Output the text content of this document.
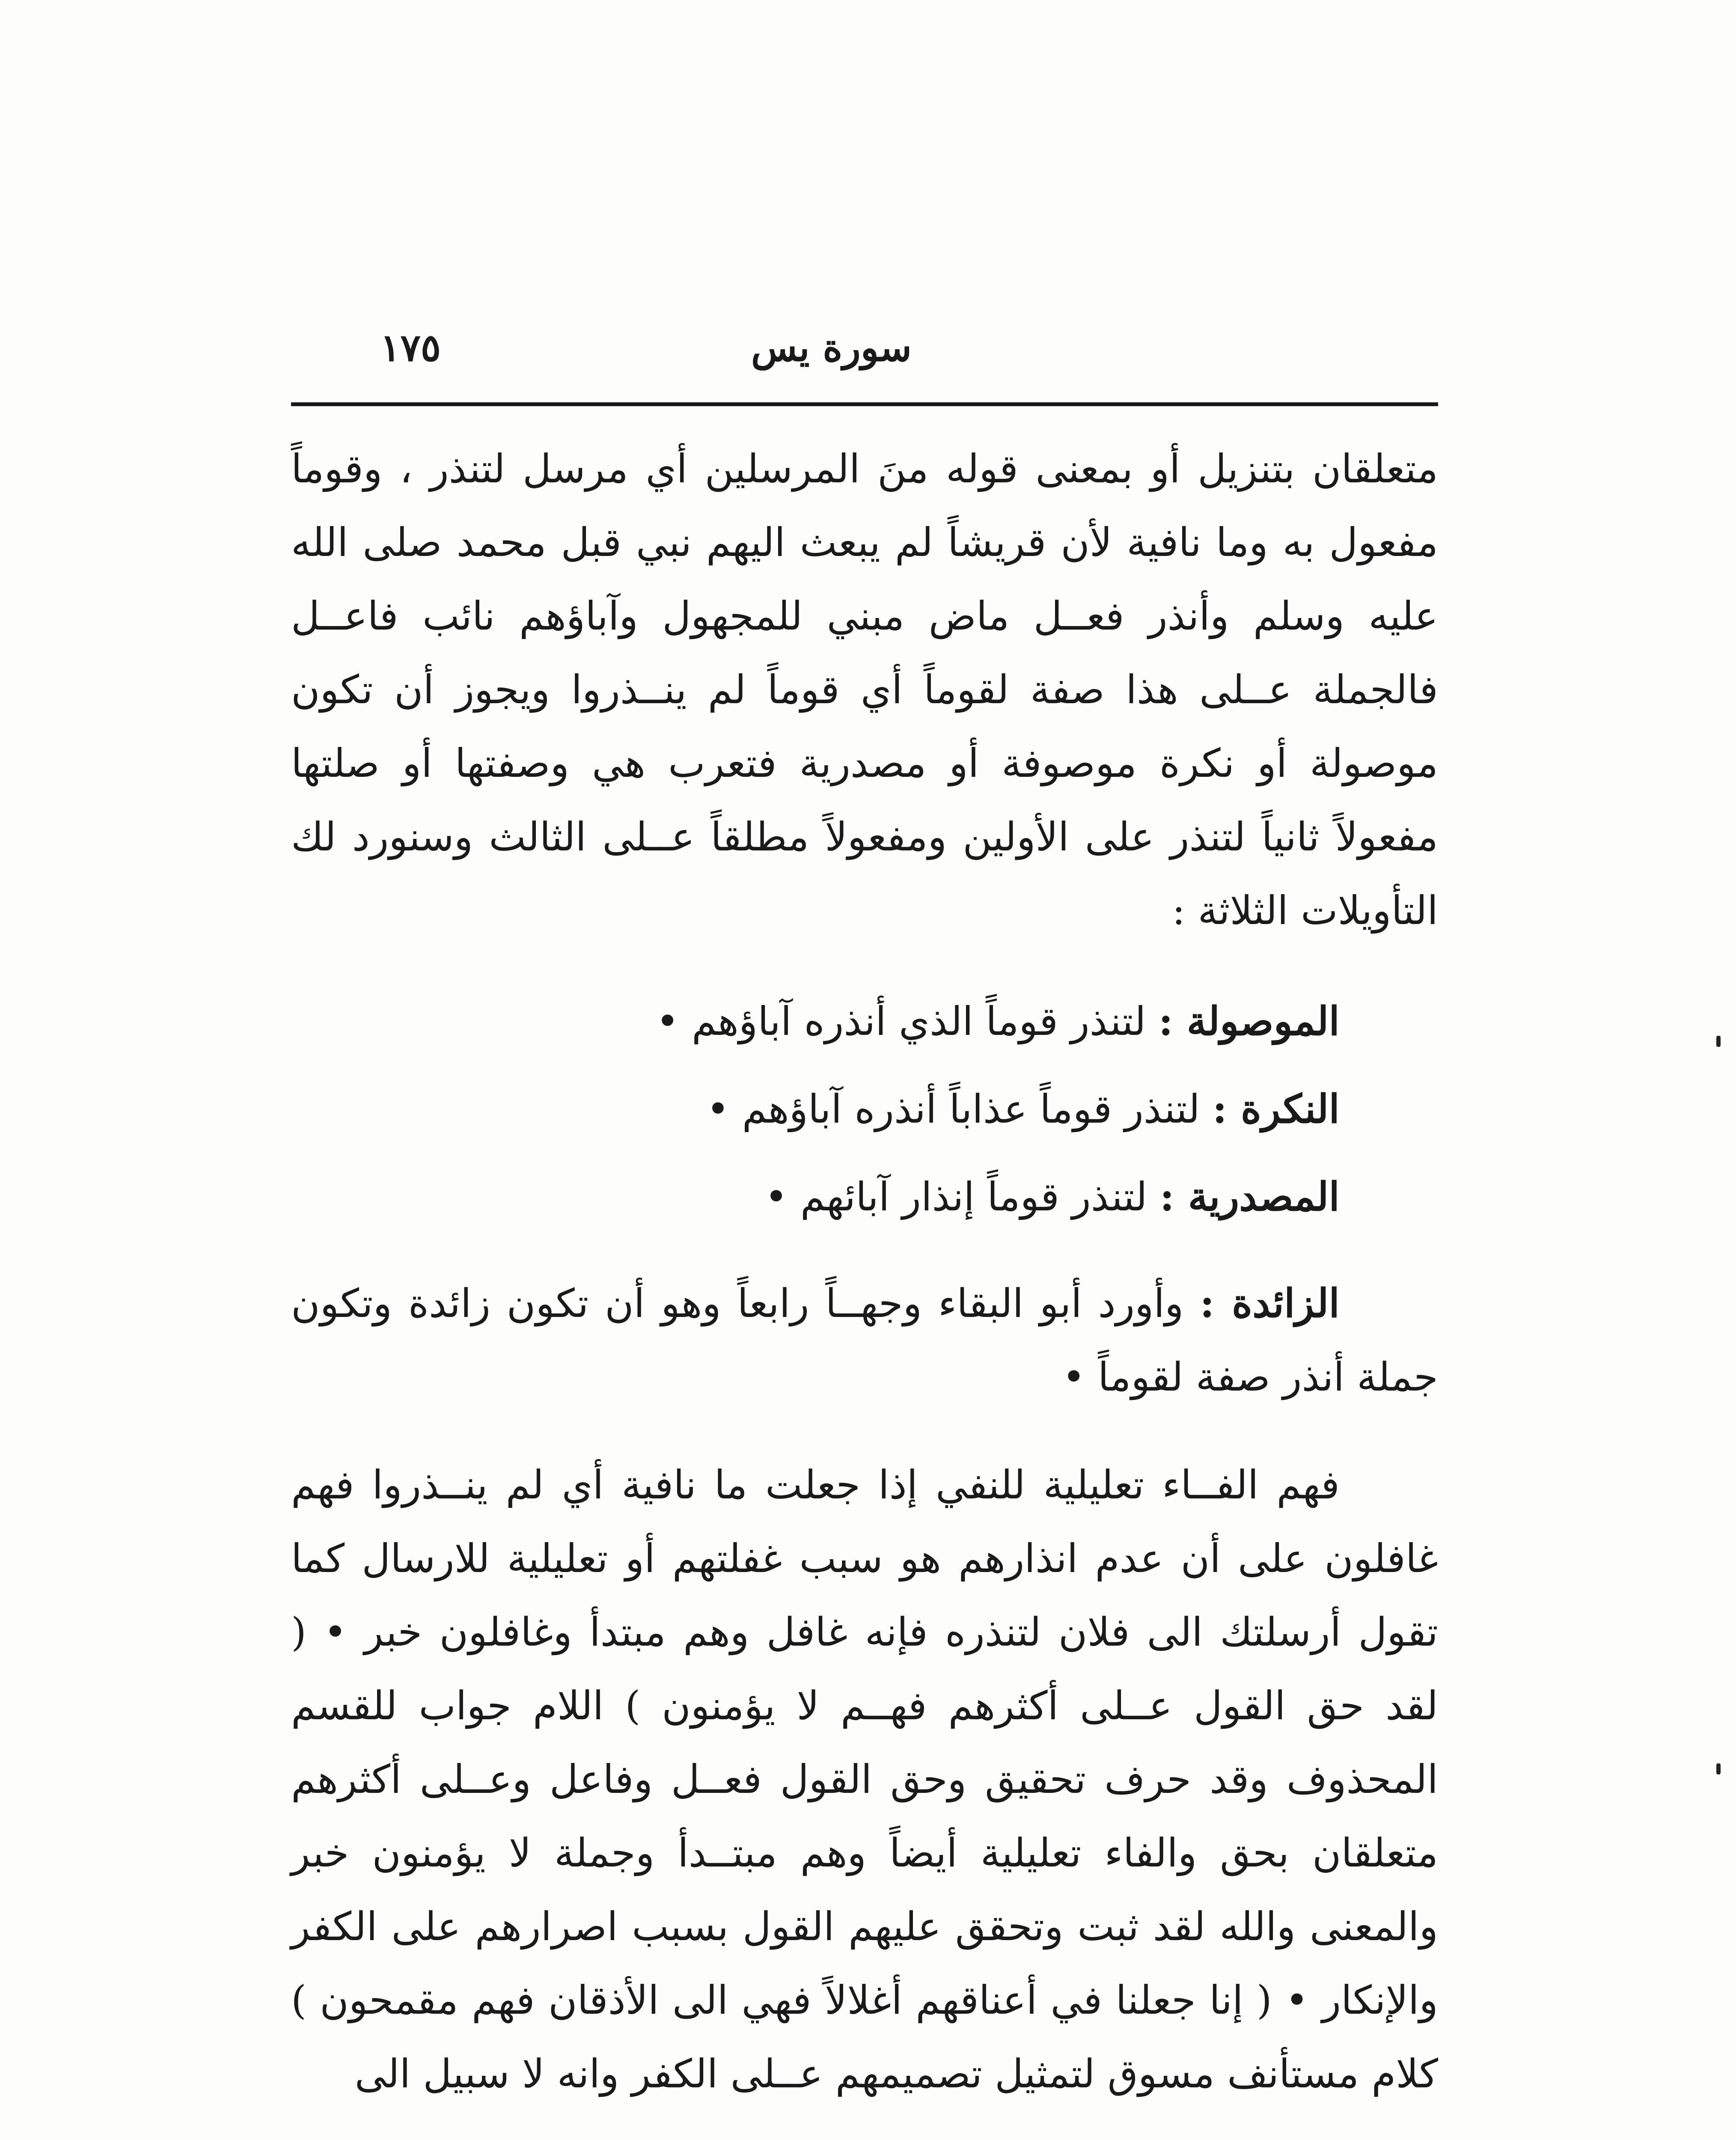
١٧٥	سورة يس

متعلقان بتنزيل أو بمعنى قوله منَ المرسلين أي مرسل لتنذر ، وقوماً مفعول به وما نافية لأن قريشاً لم يبعث اليهم نبي قبل محمد صلى الله عليه وسلم وأنذر فعــل ماض مبني للمجهول وآباؤهم نائب فاعــل فالجملة عــلى هذا صفة لقوماً أي قوماً لم ينــذروا ويجوز أن تكون موصولة أو نكرة موصوفة أو مصدرية فتعرب هي وصفتها أو صلتها مفعولاً ثانياً لتنذر على الأولين ومفعولاً مطلقاً عــلى الثالث وسنورد لك التأويلات الثلاثة :

الموصولة : لتنذر قوماً الذي أنذره آباؤهم •
النكرة : لتنذر قوماً عذاباً أنذره آباؤهم •
المصدرية : لتنذر قوماً إنذار آبائهم •

الزائدة : وأورد أبو البقاء وجهــاً رابعاً وهو أن تكون زائدة وتكون جملة أنذر صفة لقوماً •

فهم الفــاء تعليلية للنفي إذا جعلت ما نافية أي لم ينــذروا فهم غافلون على أن عدم انذارهم هو سبب غفلتهم أو تعليلية للارسال كما تقول أرسلتك الى فلان لتنذره فإنه غافل وهم مبتدأ وغافلون خبر • ( لقد حق القول عــلى أكثرهم فهــم لا يؤمنون ) اللام جواب للقسم المحذوف وقد حرف تحقيق وحق القول فعــل وفاعل وعــلى أكثرهم متعلقان بحق والفاء تعليلية أيضاً وهم مبتــدأ وجملة لا يؤمنون خبر والمعنى والله لقد ثبت وتحقق عليهم القول بسبب اصرارهم على الكفر والإنكار • ( إنا جعلنا في أعناقهم أغلالاً فهي الى الأذقان فهم مقمحون ) كلام مستأنف مسوق لتمثيل تصميمهم عــلى الكفر وانه لا سبيل الى
